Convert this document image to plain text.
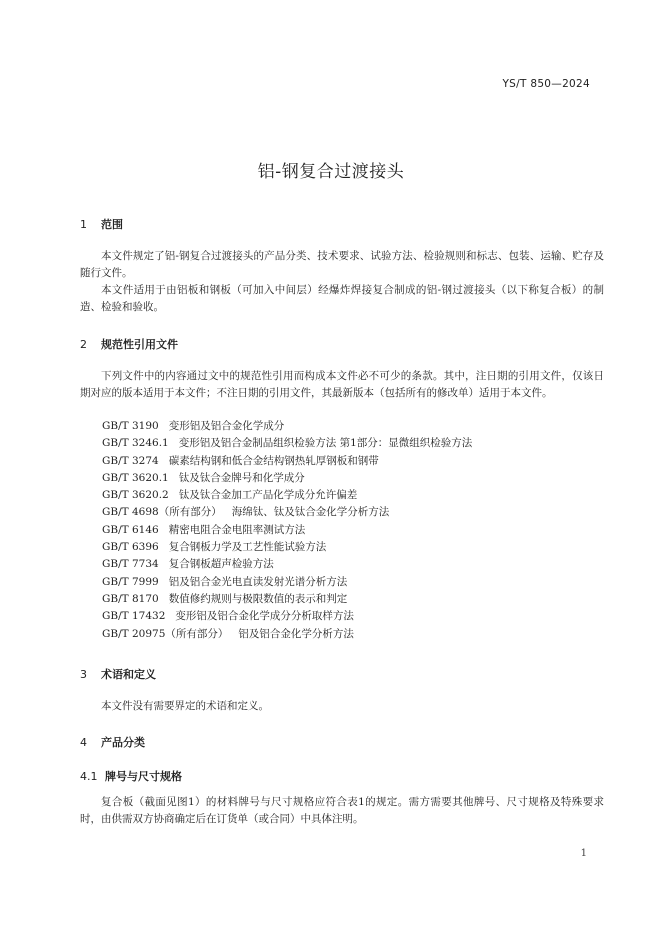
YS/T 850—2024
铝-钢复合过渡接头
1 范围
本文件规定了铝-钢复合过渡接头的产品分类、技术要求、试验方法、检验规则和标志、包装、运输、贮存及随行文件。
本文件适用于由铝板和钢板（可加入中间层）经爆炸焊接复合制成的铝-钢过渡接头（以下称复合板）的制造、检验和验收。
2 规范性引用文件
下列文件中的内容通过文中的规范性引用而构成本文件必不可少的条款。其中，注日期的引用文件，仅该日期对应的版本适用于本文件；不注日期的引用文件，其最新版本（包括所有的修改单）适用于本文件。
GB/T 3190 变形铝及铝合金化学成分
GB/T 3246.1 变形铝及铝合金制品组织检验方法 第1部分：显微组织检验方法
GB/T 3274 碳素结构钢和低合金结构钢热轧厚钢板和钢带
GB/T 3620.1 钛及钛合金牌号和化学成分
GB/T 3620.2 钛及钛合金加工产品化学成分允许偏差
GB/T 4698（所有部分） 海绵钛、钛及钛合金化学分析方法
GB/T 6146 精密电阻合金电阻率测试方法
GB/T 6396 复合钢板力学及工艺性能试验方法
GB/T 7734 复合钢板超声检验方法
GB/T 7999 铝及铝合金光电直读发射光谱分析方法
GB/T 8170 数值修约规则与极限数值的表示和判定
GB/T 17432 变形铝及铝合金化学成分分析取样方法
GB/T 20975（所有部分） 铝及铝合金化学分析方法
3 术语和定义
本文件没有需要界定的术语和定义。
4 产品分类
4.1 牌号与尺寸规格
复合板（截面见图1）的材料牌号与尺寸规格应符合表1的规定。需方需要其他牌号、尺寸规格及特殊要求时，由供需双方协商确定后在订货单（或合同）中具体注明。
1
